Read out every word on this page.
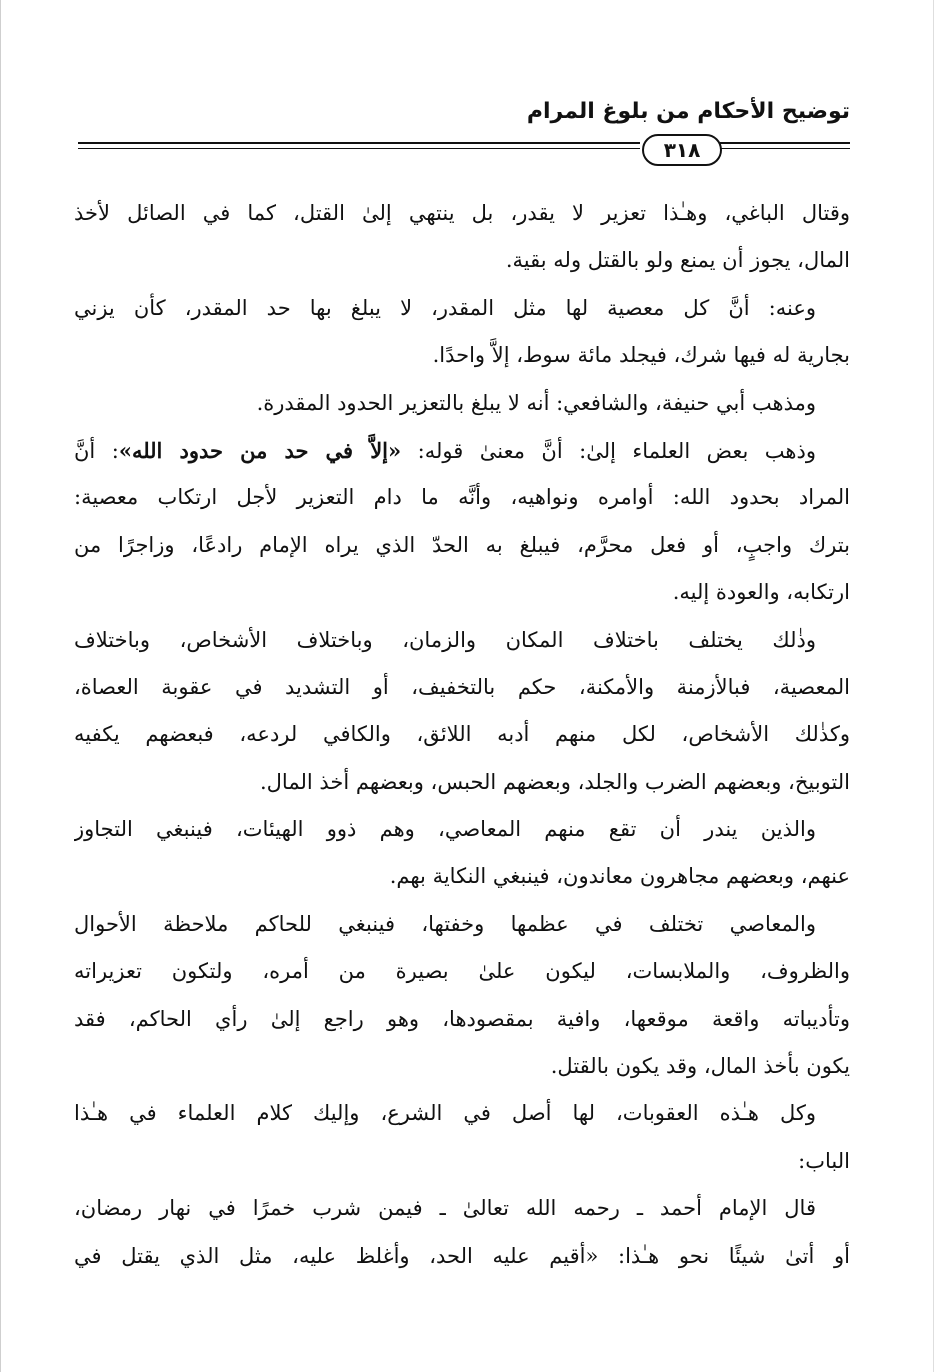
توضيح الأحكام من بلوغ المرام
٣١٨
وقتال الباغي، وهـٰذا تعزير لا يقدر، بل ينتهي إلىٰ القتل، كما في الصائل لأخذ
المال، يجوز أن يمنع ولو بالقتل وله بقية.
وعنه: أنَّ كل معصية لها مثل المقدر، لا يبلغ بها حد المقدر، كأن يزني
بجارية له فيها شرك، فيجلد مائة سوط، إلاَّ واحدًا.
ومذهب أبي حنيفة، والشافعي: أنه لا يبلغ بالتعزير الحدود المقدرة.
وذهب بعض العلماء إلىٰ: أنَّ معنىٰ قوله: «إلاَّ في حد من حدود الله»: أنَّ
المراد بحدود الله: أوامره ونواهيه، وأنَّه ما دام التعزير لأجل ارتكاب معصية:
بترك واجبٍ، أو فعل محرَّم، فيبلغ به الحدّ الذي يراه الإمام رادعًا، وزاجرًا من
ارتكابه، والعودة إليه.
وذٰلك يختلف باختلاف المكان والزمان، وباختلاف الأشخاص، وباختلاف
المعصية، فبالأزمنة والأمكنة، حكم بالتخفيف، أو التشديد في عقوبة العصاة،
وكذٰلك الأشخاص، لكل منهم أدبه اللائق، والكافي لردعه، فبعضهم يكفيه
التوبيخ، وبعضهم الضرب والجلد، وبعضهم الحبس، وبعضهم أخذ المال.
والذين يندر أن تقع منهم المعاصي، وهم ذوو الهيئات، فينبغي التجاوز
عنهم، وبعضهم مجاهرون معاندون، فينبغي النكاية بهم.
والمعاصي تختلف في عظمها وخفتها، فينبغي للحاكم ملاحظة الأحوال
والظروف، والملابسات، ليكون علىٰ بصيرة من أمره، ولتكون تعزيراته
وتأديباته واقعة موقعها، وافية بمقصودها، وهو راجع إلىٰ رأي الحاكم، فقد
يكون بأخذ المال، وقد يكون بالقتل.
وكل هـٰذه العقوبات، لها أصل في الشرع، وإليك كلام العلماء في هـٰذا
الباب:
قال الإمام أحمد ـ رحمه الله تعالىٰ ـ فيمن شرب خمرًا في نهار رمضان،
أو أتىٰ شيئًا نحو هـٰذا: «أقيم عليه الحد، وأغلظ عليه، مثل الذي يقتل في
